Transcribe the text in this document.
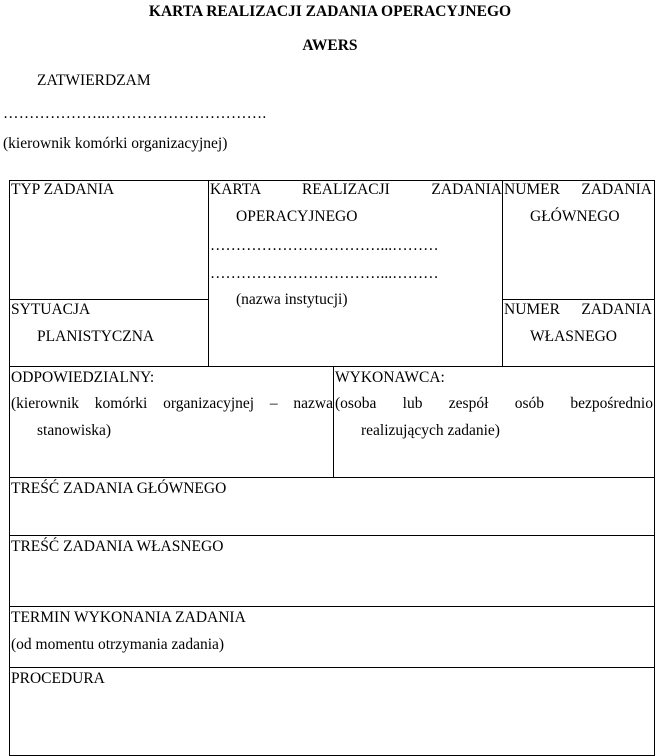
KARTA REALIZACJI ZADANIA OPERACYJNEGO
AWERS
ZATWIERDZAM
………………..………………………….
(kierownik komórki organizacyjnej)
TYP ZADANIA	KARTA REALIZACJI ZADANIA
OPERACYJNEGO
……………………………...………
……………………………...………
(nazwa instytucji)
NUMER ZADANIA
GŁÓWNEGO
SYTUACJA
PLANISTYCZNA
NUMER ZADANIA
WŁASNEGO
ODPOWIEDZIALNY:
(kierownik komórki organizacyjnej – nazwa
stanowiska)
WYKONAWCA:
(osoba lub zespół osób bezpośrednio
realizujących zadanie)
TREŚĆ ZADANIA GŁÓWNEGO
TREŚĆ ZADANIA WŁASNEGO
TERMIN WYKONANIA ZADANIA
(od momentu otrzymania zadania)
PROCEDURA
